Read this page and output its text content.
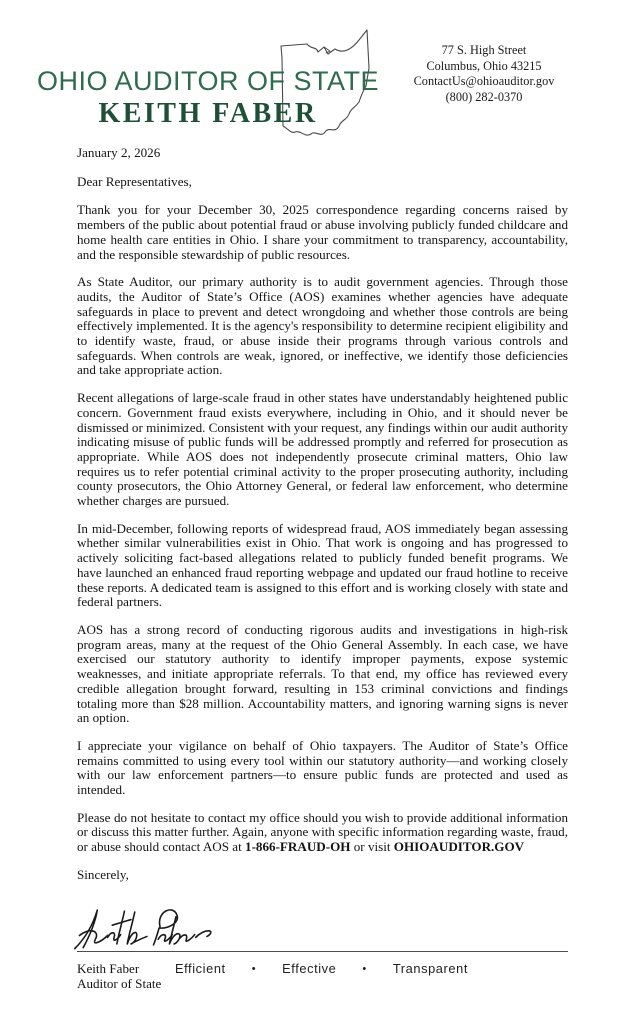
OHIO AUDITOR OF STATE
KEITH FABER
77 S. High Street
Columbus, Ohio 43215
ContactUs@ohioauditor.gov
(800) 282-0370
January 2, 2026
Dear Representatives,

Thank you for your December 30, 2025 correspondence regarding concerns raised by members of the public about potential fraud or abuse involving publicly funded childcare and home health care entities in Ohio. I share your commitment to transparency, accountability, and the responsible stewardship of public resources.

As State Auditor, our primary authority is to audit government agencies. Through those audits, the Auditor of State’s Office (AOS) examines whether agencies have adequate safeguards in place to prevent and detect wrongdoing and whether those controls are being effectively implemented. It is the agency's responsibility to determine recipient eligibility and to identify waste, fraud, or abuse inside their programs through various controls and safeguards. When controls are weak, ignored, or ineffective, we identify those deficiencies and take appropriate action.

Recent allegations of large-scale fraud in other states have understandably heightened public concern. Government fraud exists everywhere, including in Ohio, and it should never be dismissed or minimized. Consistent with your request, any findings within our audit authority indicating misuse of public funds will be addressed promptly and referred for prosecution as appropriate. While AOS does not independently prosecute criminal matters, Ohio law requires us to refer potential criminal activity to the proper prosecuting authority, including county prosecutors, the Ohio Attorney General, or federal law enforcement, who determine whether charges are pursued.

In mid-December, following reports of widespread fraud, AOS immediately began assessing whether similar vulnerabilities exist in Ohio. That work is ongoing and has progressed to actively soliciting fact-based allegations related to publicly funded benefit programs. We have launched an enhanced fraud reporting webpage and updated our fraud hotline to receive these reports. A dedicated team is assigned to this effort and is working closely with state and federal partners.

AOS has a strong record of conducting rigorous audits and investigations in high-risk program areas, many at the request of the Ohio General Assembly. In each case, we have exercised our statutory authority to identify improper payments, expose systemic weaknesses, and initiate appropriate referrals. To that end, my office has reviewed every credible allegation brought forward, resulting in 153 criminal convictions and findings totaling more than $28 million. Accountability matters, and ignoring warning signs is never an option.

I appreciate your vigilance on behalf of Ohio taxpayers. The Auditor of State’s Office remains committed to using every tool within our statutory authority—and working closely with our law enforcement partners—to ensure public funds are protected and used as intended.

Please do not hesitate to contact my office should you wish to provide additional information or discuss this matter further. Again, anyone with specific information regarding waste, fraud, or abuse should contact AOS at 1-866-FRAUD-OH or visit OHIOAUDITOR.GOV

Sincerely,
Keith Faber
Auditor of State
Efficient • Effective • Transparent
